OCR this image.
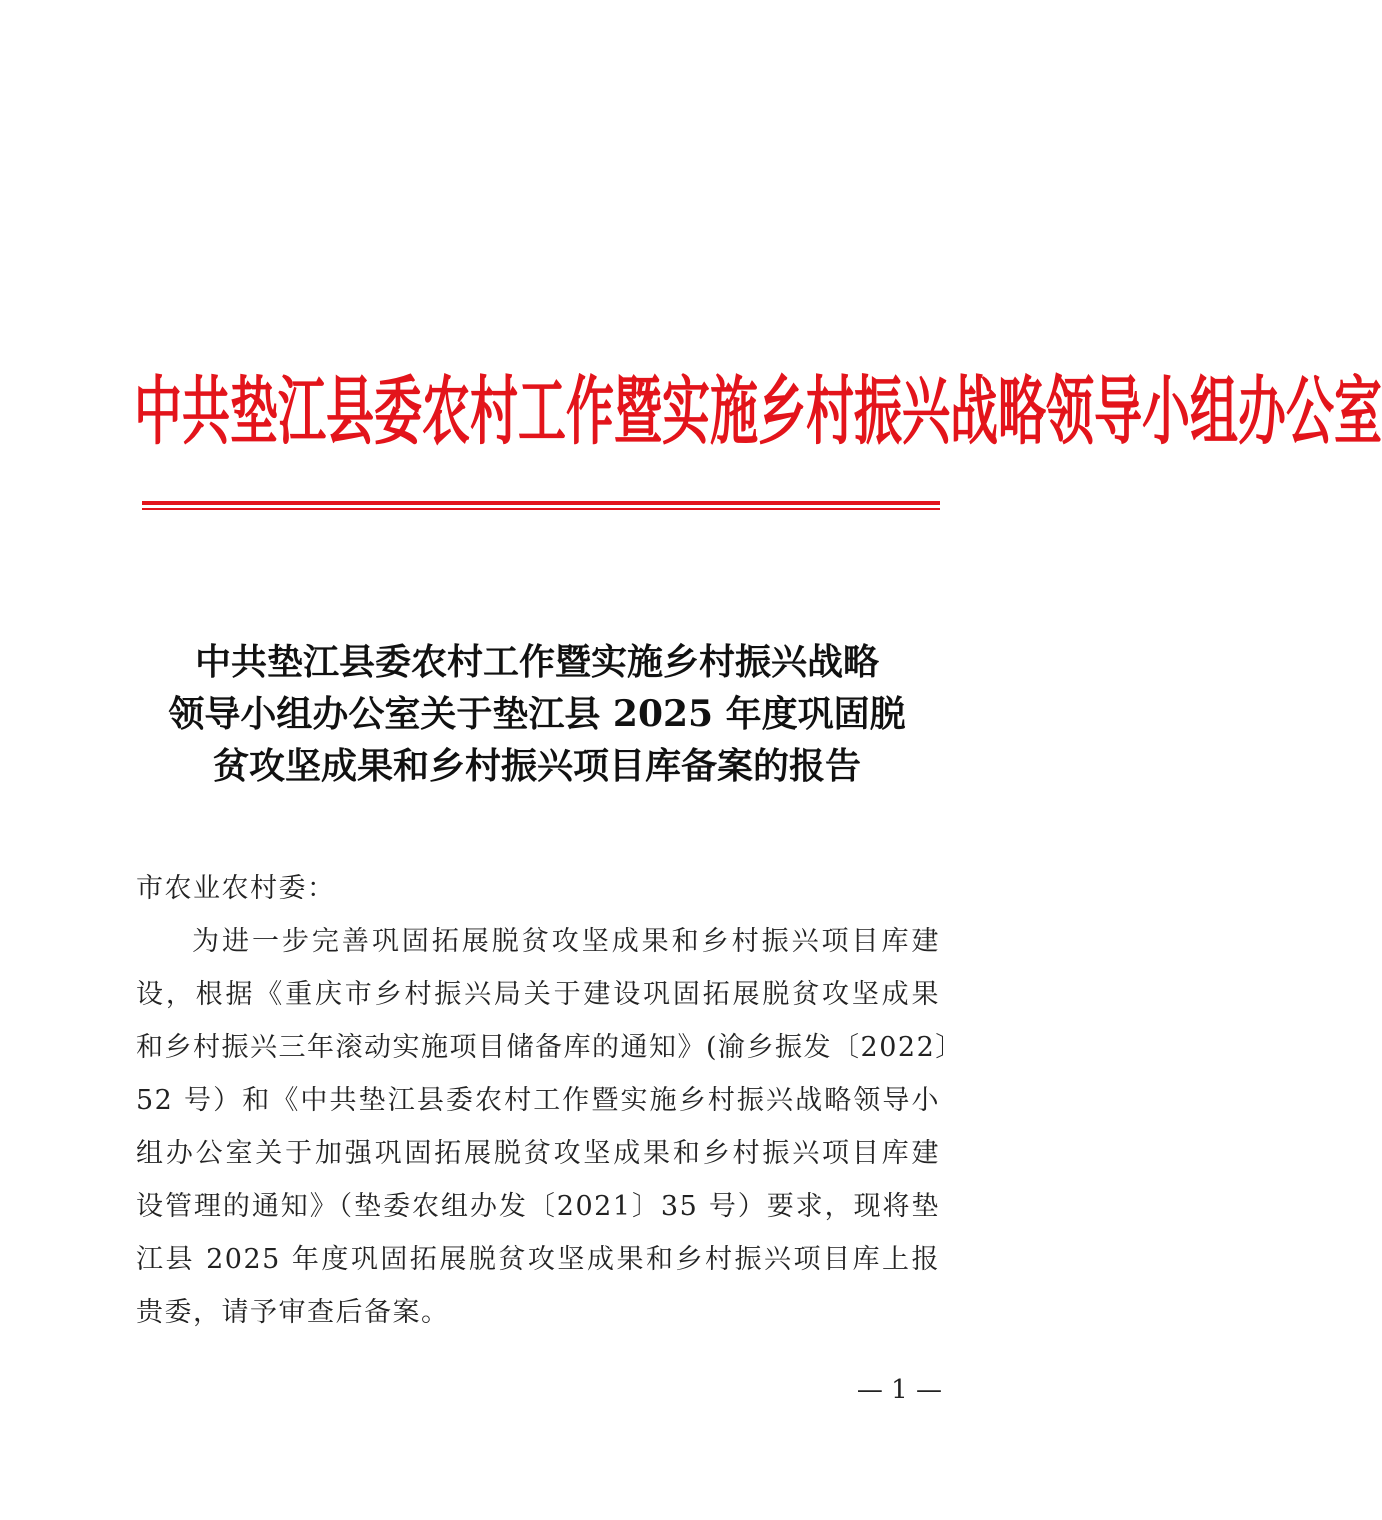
中共垫江县委农村工作暨实施乡村振兴战略领导小组办公室
中共垫江县委农村工作暨实施乡村振兴战略
领导小组办公室关于垫江县 2025 年度巩固脱
贫攻坚成果和乡村振兴项目库备案的报告
市农业农村委：
为进一步完善巩固拓展脱贫攻坚成果和乡村振兴项目库建
设，根据《重庆市乡村振兴局关于建设巩固拓展脱贫攻坚成果
和乡村振兴三年滚动实施项目储备库的通知》(渝乡振发〔2022〕
52 号）和《中共垫江县委农村工作暨实施乡村振兴战略领导小
组办公室关于加强巩固拓展脱贫攻坚成果和乡村振兴项目库建
设管理的通知》（垫委农组办发〔2021〕35 号）要求，现将垫
江县 2025 年度巩固拓展脱贫攻坚成果和乡村振兴项目库上报
贵委，请予审查后备案。
— 1 —
